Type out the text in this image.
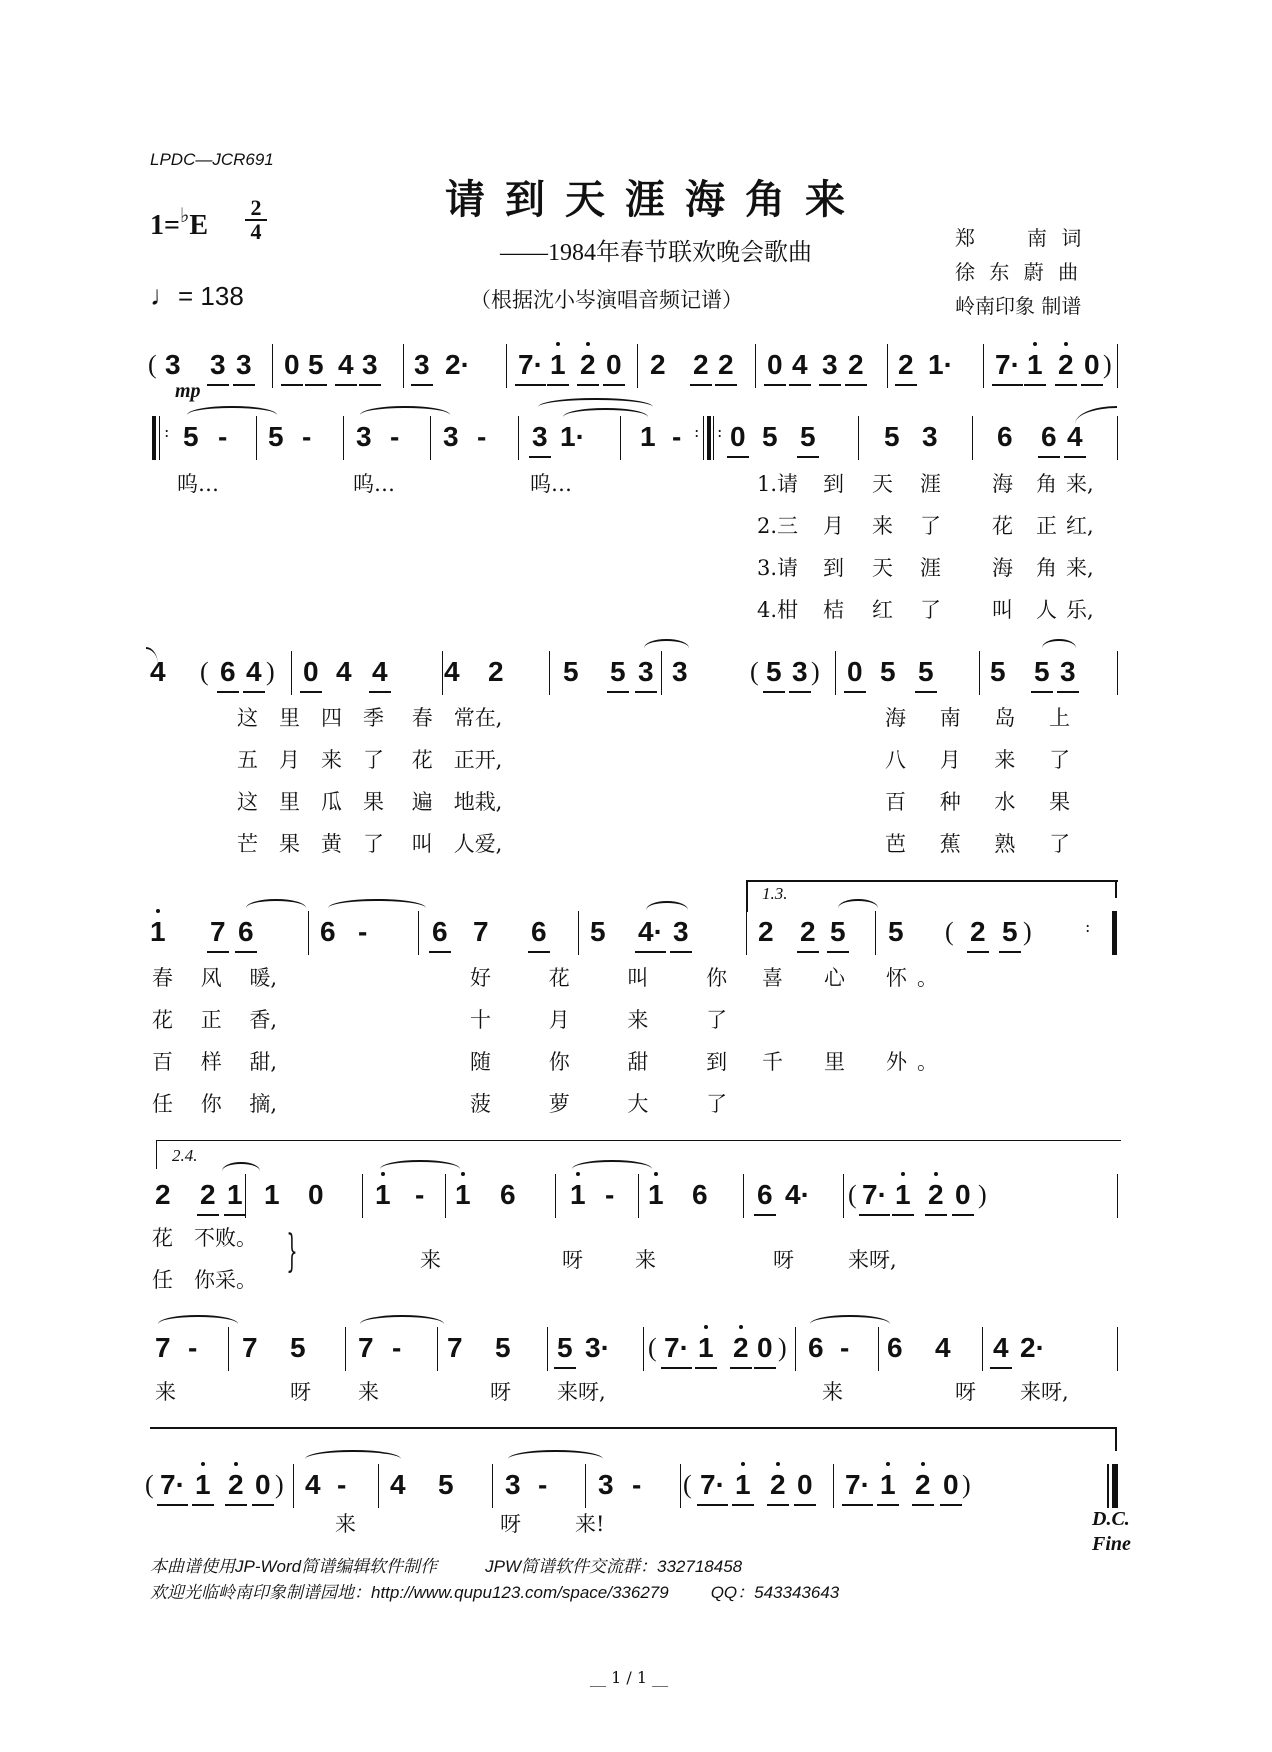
LPDC—JCR691
请到天涯海角来
——1984年春节联欢晚会歌曲
（根据沈小岑演唱音频记谱）
1=♭E
2
4
♩= 138
郑　　南 词
徐 东 蔚 曲
岭南印象 制谱
( 3 3 3 0 5 4 3 3 2· 7· 1 2 0 2 2 2 0 4 3 2 2 1· 7· 1 2 0 )
mp
: 5 - 5 - 3 - 3 - 3 1· 1 - : : 0 5 5 5 3 6 6 4
呜…	呜…	呜…	1.请
2.三
3.请
4.柑
到
月
到
桔
天
来
天
红
涯
了
涯
了
海
花
海
叫
角
正
角
人
来,
红,
来,
乐,
4 ( 6 4 ) 0 4 4 4 2 5 5 3 3 ( 5 3 ) 0 5 5 5 5 3
这　 里　 四　 季　 春　 常在,
五　 月　 来　 了　 花　 正开,
这　 里　 瓜　 果　 遍　 地栽,
芒　 果　 黄　 了　 叫　 人爱,
海　 南　 岛　 上
八　 月　 来　 了
百　 种　 水　 果
芭　 蕉　 熟　 了
1.3.
1 7 6 6 - 6 7 6 5 4· 3 2 2 5 5 ( 2 5 )	:
春　 风　 暖,
花　 正　 香,
百　 样　 甜,
任　 你　 摘,
好　 花　 叫　 你
十　 月　 来　 了
随　 你　 甜　 到
菠　 萝　 大　 了
喜　 心　 怀。
千　 里　 外。
2.4.
2 2 1 1 0 1 - 1 6 1 - 1 6 6 4· ( 7· 1 2 0 )
花　 不败。
任　 你采。
}	来	呀 来	呀	来呀,
7 - 7 5 7 - 7 5 5 3· ( 7· 1 2 0 ) 6 - 6 4 4 2·
来	呀 来	呀 来呀,	来	呀 来呀,
( 7· 1 2 0 ) 4 - 4 5 3 - 3 - ( 7· 1 2 0 7· 1 2 0 )
来	呀	来!	D.C.
Fine
本曲谱使用JP-Word简谱编辑软件制作	JPW简谱软件交流群：332718458
欢迎光临岭南印象制谱园地：http://www.qupu123.com/space/336279 QQ：543343643
__ 1 / 1 __
